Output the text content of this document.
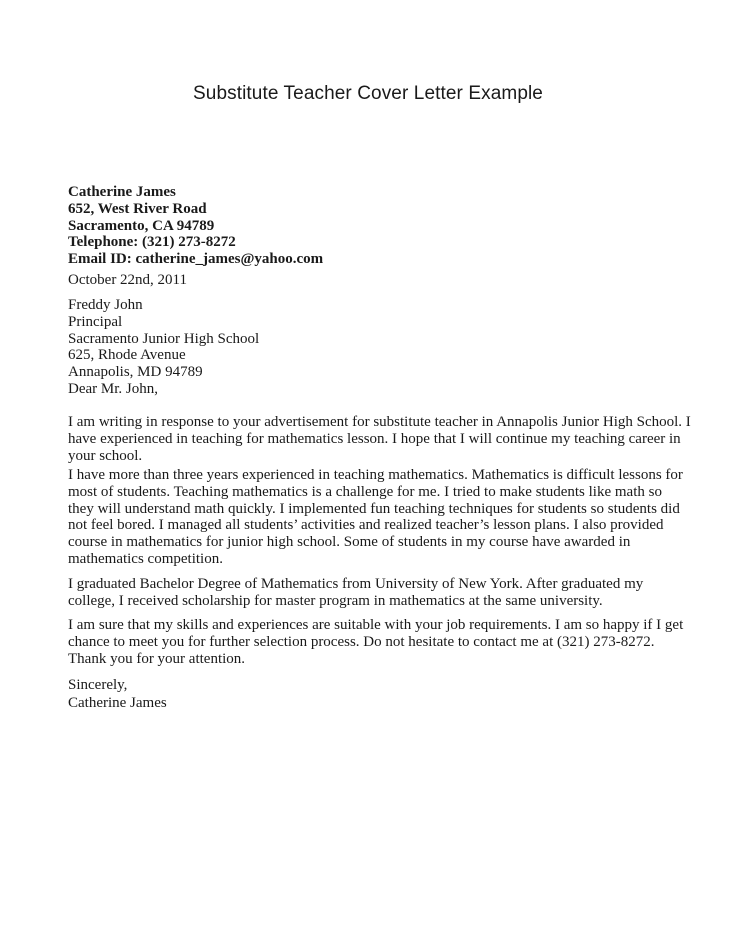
Substitute Teacher Cover Letter Example
Catherine James
652, West River Road
Sacramento, CA 94789
Telephone: (321) 273-8272
Email ID: catherine_james@yahoo.com
October 22nd, 2011
Freddy John
Principal
Sacramento Junior High School
625, Rhode Avenue
Annapolis, MD 94789
Dear Mr. John,
I am writing in response to your advertisement for substitute teacher in Annapolis Junior High School. I
have experienced in teaching for mathematics lesson. I hope that I will continue my teaching career in
your school.
I have more than three years experienced in teaching mathematics. Mathematics is difficult lessons for
most of students. Teaching mathematics is a challenge for me. I tried to make students like math so
they will understand math quickly. I implemented fun teaching techniques for students so students did
not feel bored. I managed all students’ activities and realized teacher’s lesson plans. I also provided
course in mathematics for junior high school. Some of students in my course have awarded in
mathematics competition.
I graduated Bachelor Degree of Mathematics from University of New York. After graduated my
college, I received scholarship for master program in mathematics at the same university.
I am sure that my skills and experiences are suitable with your job requirements. I am so happy if I get
chance to meet you for further selection process. Do not hesitate to contact me at (321) 273-8272.
Thank you for your attention.
Sincerely,
Catherine James
